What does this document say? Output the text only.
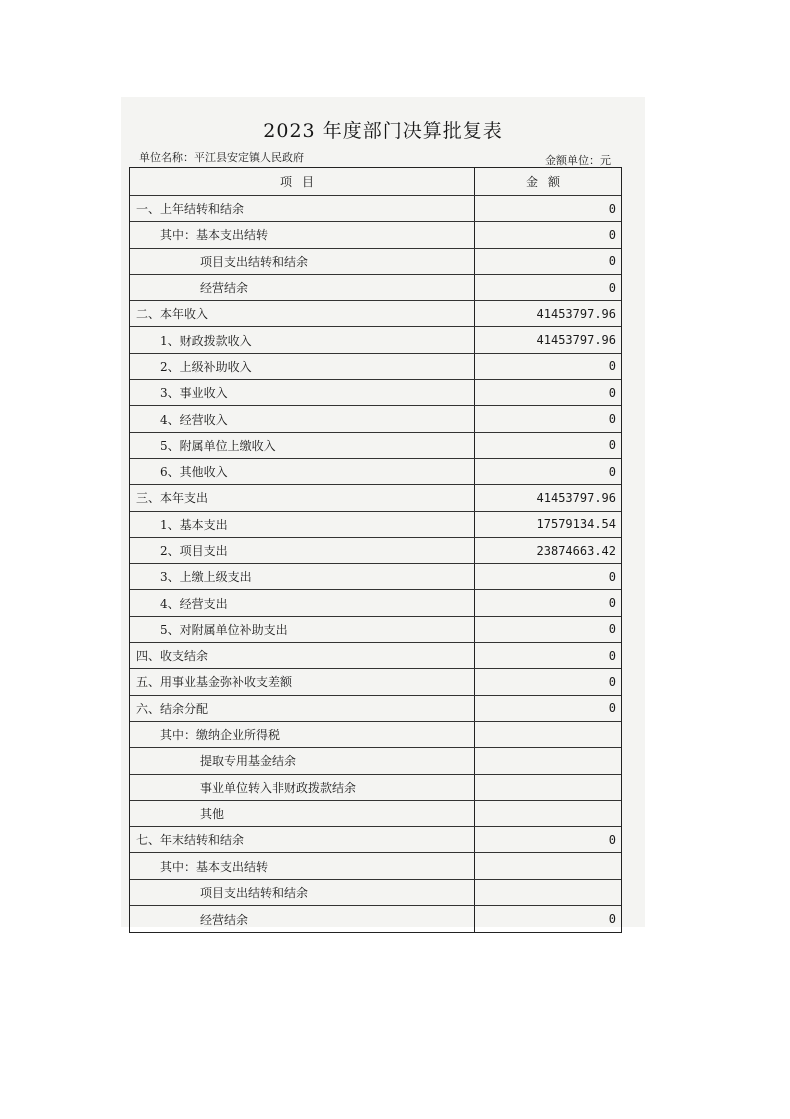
2023 年度部门决算批复表
单位名称：平江县安定镇人民政府	金额单位：元
项目	金额
一、上年结转和结余	0
其中：基本支出结转	0
项目支出结转和结余	0
经营结余	0
二、本年收入	41453797.96
1、财政拨款收入	41453797.96
2、上级补助收入	0
3、事业收入	0
4、经营收入	0
5、附属单位上缴收入	0
6、其他收入	0
三、本年支出	41453797.96
1、基本支出	17579134.54
2、项目支出	23874663.42
3、上缴上级支出	0
4、经营支出	0
5、对附属单位补助支出	0
四、收支结余	0
五、用事业基金弥补收支差额	0
六、结余分配	0
其中：缴纳企业所得税
提取专用基金结余
事业单位转入非财政拨款结余
其他
七、年末结转和结余	0
其中：基本支出结转
项目支出结转和结余
经营结余	0
